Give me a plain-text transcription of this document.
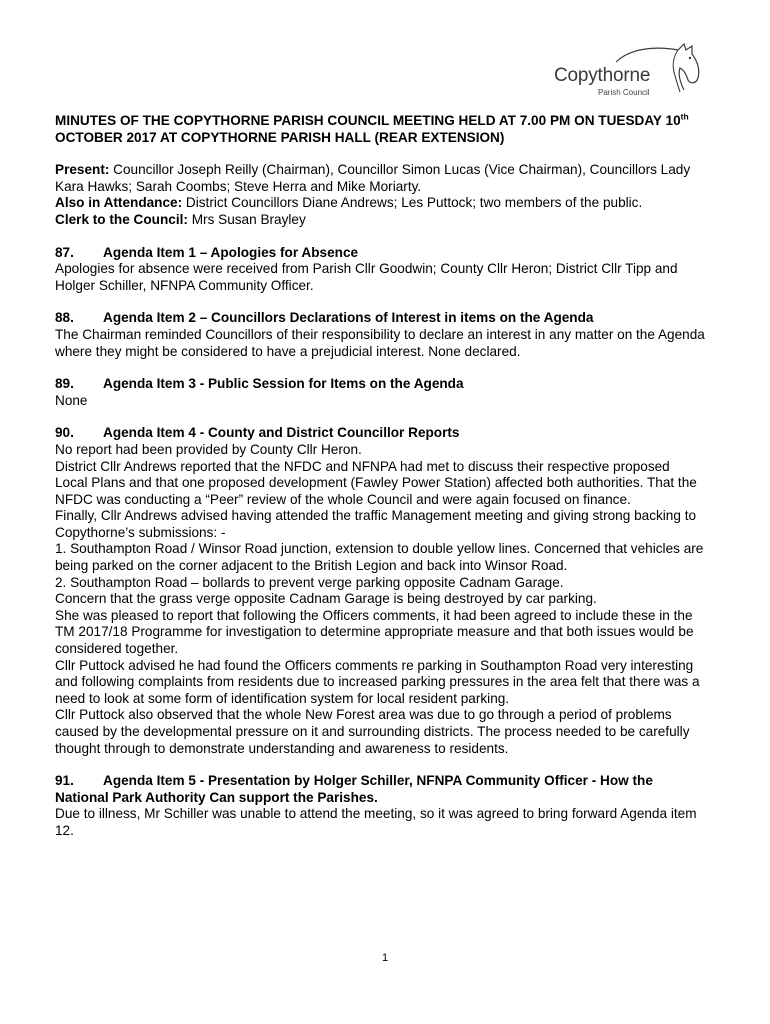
Copythorne
Parish Council

MINUTES OF THE COPYTHORNE PARISH COUNCIL MEETING HELD AT 7.00 PM ON TUESDAY 10th OCTOBER 2017 AT COPYTHORNE PARISH HALL (REAR EXTENSION)

Present: Councillor Joseph Reilly (Chairman), Councillor Simon Lucas (Vice Chairman), Councillors Lady Kara Hawks; Sarah Coombs; Steve Herra and Mike Moriarty.

Also in Attendance: District Councillors Diane Andrews; Les Puttock; two members of the public.

Clerk to the Council: Mrs Susan Brayley

87. Agenda Item 1 – Apologies for Absence

Apologies for absence were received from Parish Cllr Goodwin; County Cllr Heron; District Cllr Tipp and Holger Schiller, NFNPA Community Officer.

88. Agenda Item 2 – Councillors Declarations of Interest in items on the Agenda

The Chairman reminded Councillors of their responsibility to declare an interest in any matter on the Agenda where they might be considered to have a prejudicial interest. None declared.

89. Agenda Item 3 - Public Session for Items on the Agenda

None

90. Agenda Item 4 - County and District Councillor Reports

No report had been provided by County Cllr Heron.

District Cllr Andrews reported that the NFDC and NFNPA had met to discuss their respective proposed Local Plans and that one proposed development (Fawley Power Station) affected both authorities. That the NFDC was conducting a “Peer” review of the whole Council and were again focused on finance.

Finally, Cllr Andrews advised having attended the traffic Management meeting and giving strong backing to Copythorne’s submissions: -

1. Southampton Road / Winsor Road junction, extension to double yellow lines. Concerned that vehicles are being parked on the corner adjacent to the British Legion and back into Winsor Road.

2. Southampton Road – bollards to prevent verge parking opposite Cadnam Garage.

Concern that the grass verge opposite Cadnam Garage is being destroyed by car parking.

She was pleased to report that following the Officers comments, it had been agreed to include these in the TM 2017/18 Programme for investigation to determine appropriate measure and that both issues would be considered together.

Cllr Puttock advised he had found the Officers comments re parking in Southampton Road very interesting and following complaints from residents due to increased parking pressures in the area felt that there was a need to look at some form of identification system for local resident parking.

Cllr Puttock also observed that the whole New Forest area was due to go through a period of problems caused by the developmental pressure on it and surrounding districts. The process needed to be carefully thought through to demonstrate understanding and awareness to residents.

91. Agenda Item 5 - Presentation by Holger Schiller, NFNPA Community Officer - How the National Park Authority Can support the Parishes.

Due to illness, Mr Schiller was unable to attend the meeting, so it was agreed to bring forward Agenda item 12.

1
